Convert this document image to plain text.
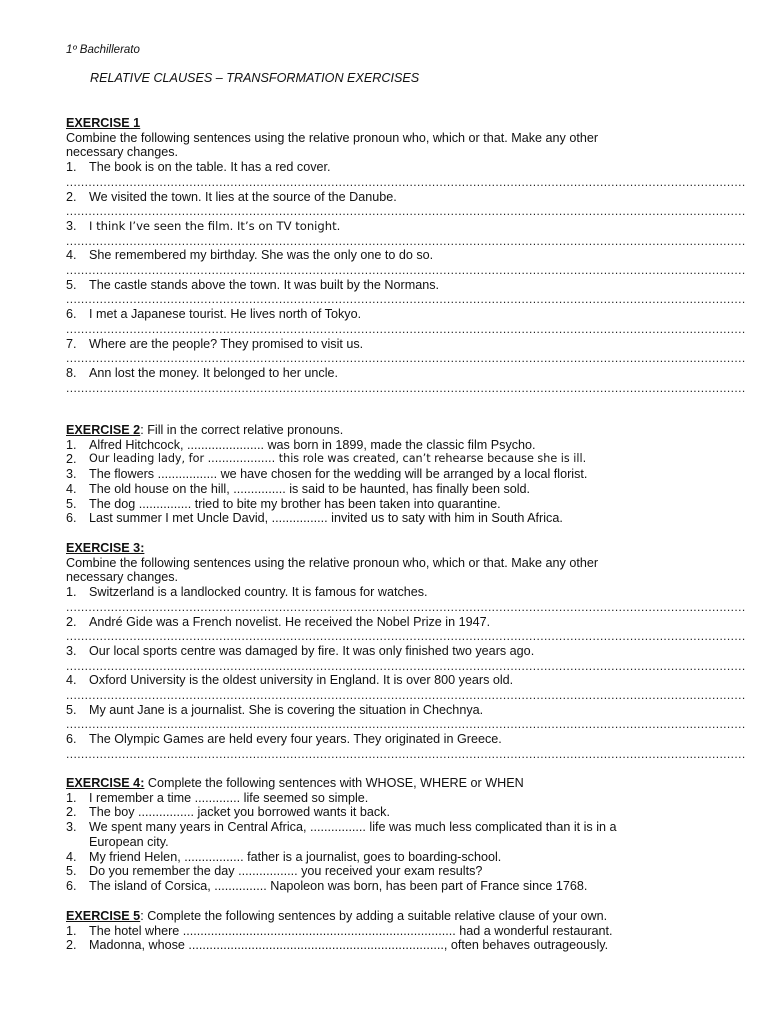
1º Bachillerato
RELATIVE CLAUSES – TRANSFORMATION EXERCISES
EXERCISE 1
Combine the following sentences using the relative pronoun who, which or that. Make any other necessary changes.
1. The book is on the table. It has a red cover.
......................................................................................................................................................................................
2. We visited the town. It lies at the source of the Danube.
......................................................................................................................................................................................
3.	I think I’ve seen the film. It’s on TV tonight.
......................................................................................................................................................................................
4. She remembered my birthday. She was the only one to do so.
......................................................................................................................................................................................
5. The castle stands above the town. It was built by the Normans.
......................................................................................................................................................................................
6. I met a Japanese tourist. He lives north of Tokyo.
......................................................................................................................................................................................
7. Where are the people? They promised to visit us.
......................................................................................................................................................................................
8. Ann lost the money. It belonged to her uncle.
......................................................................................................................................................................................
EXERCISE 2: Fill in the correct relative pronouns.
1. Alfred Hitchcock, ...................... was born in 1899, made the classic film Psycho.
2.	Our leading lady, for ................... this role was created, can’t rehearse because she is ill.
3. The flowers ................. we have chosen for the wedding will be arranged by a local florist.
4. The old house on the hill, ............... is said to be haunted, has finally been sold.
5. The dog ............... tried to bite my brother has been taken into quarantine.
6. Last summer I met Uncle David, ................ invited us to saty with him in South Africa.
EXERCISE 3:
Combine the following sentences using the relative pronoun who, which or that. Make any other necessary changes.
1. Switzerland is a landlocked country. It is famous for watches.
......................................................................................................................................................................................
2. André Gide was a French novelist. He received the Nobel Prize in 1947.
......................................................................................................................................................................................
3. Our local sports centre was damaged by fire. It was only finished two years ago.
......................................................................................................................................................................................
4. Oxford University is the oldest university in England. It is over 800 years old.
......................................................................................................................................................................................
5. My aunt Jane is a journalist. She is covering the situation in Chechnya.
......................................................................................................................................................................................
6. The Olympic Games are held every four years. They originated in Greece.
......................................................................................................................................................................................
EXERCISE 4: Complete the following sentences with WHOSE, WHERE or WHEN
1. I remember a time ............. life seemed so simple.
2. The boy ................ jacket you borrowed wants it back.
3. We spent many years in Central Africa, ................ life was much less complicated than it is in a European city.
4. My friend Helen, ................. father is a journalist, goes to boarding-school.
5. Do you remember the day ................. you received your exam results?
6. The island of Corsica, ............... Napoleon was born, has been part of France since 1768.
EXERCISE 5: Complete the following sentences by adding a suitable relative clause of your own.
1. The hotel where .............................................................................. had a wonderful restaurant.
2. Madonna, whose ........................................................................., often behaves outrageously.
